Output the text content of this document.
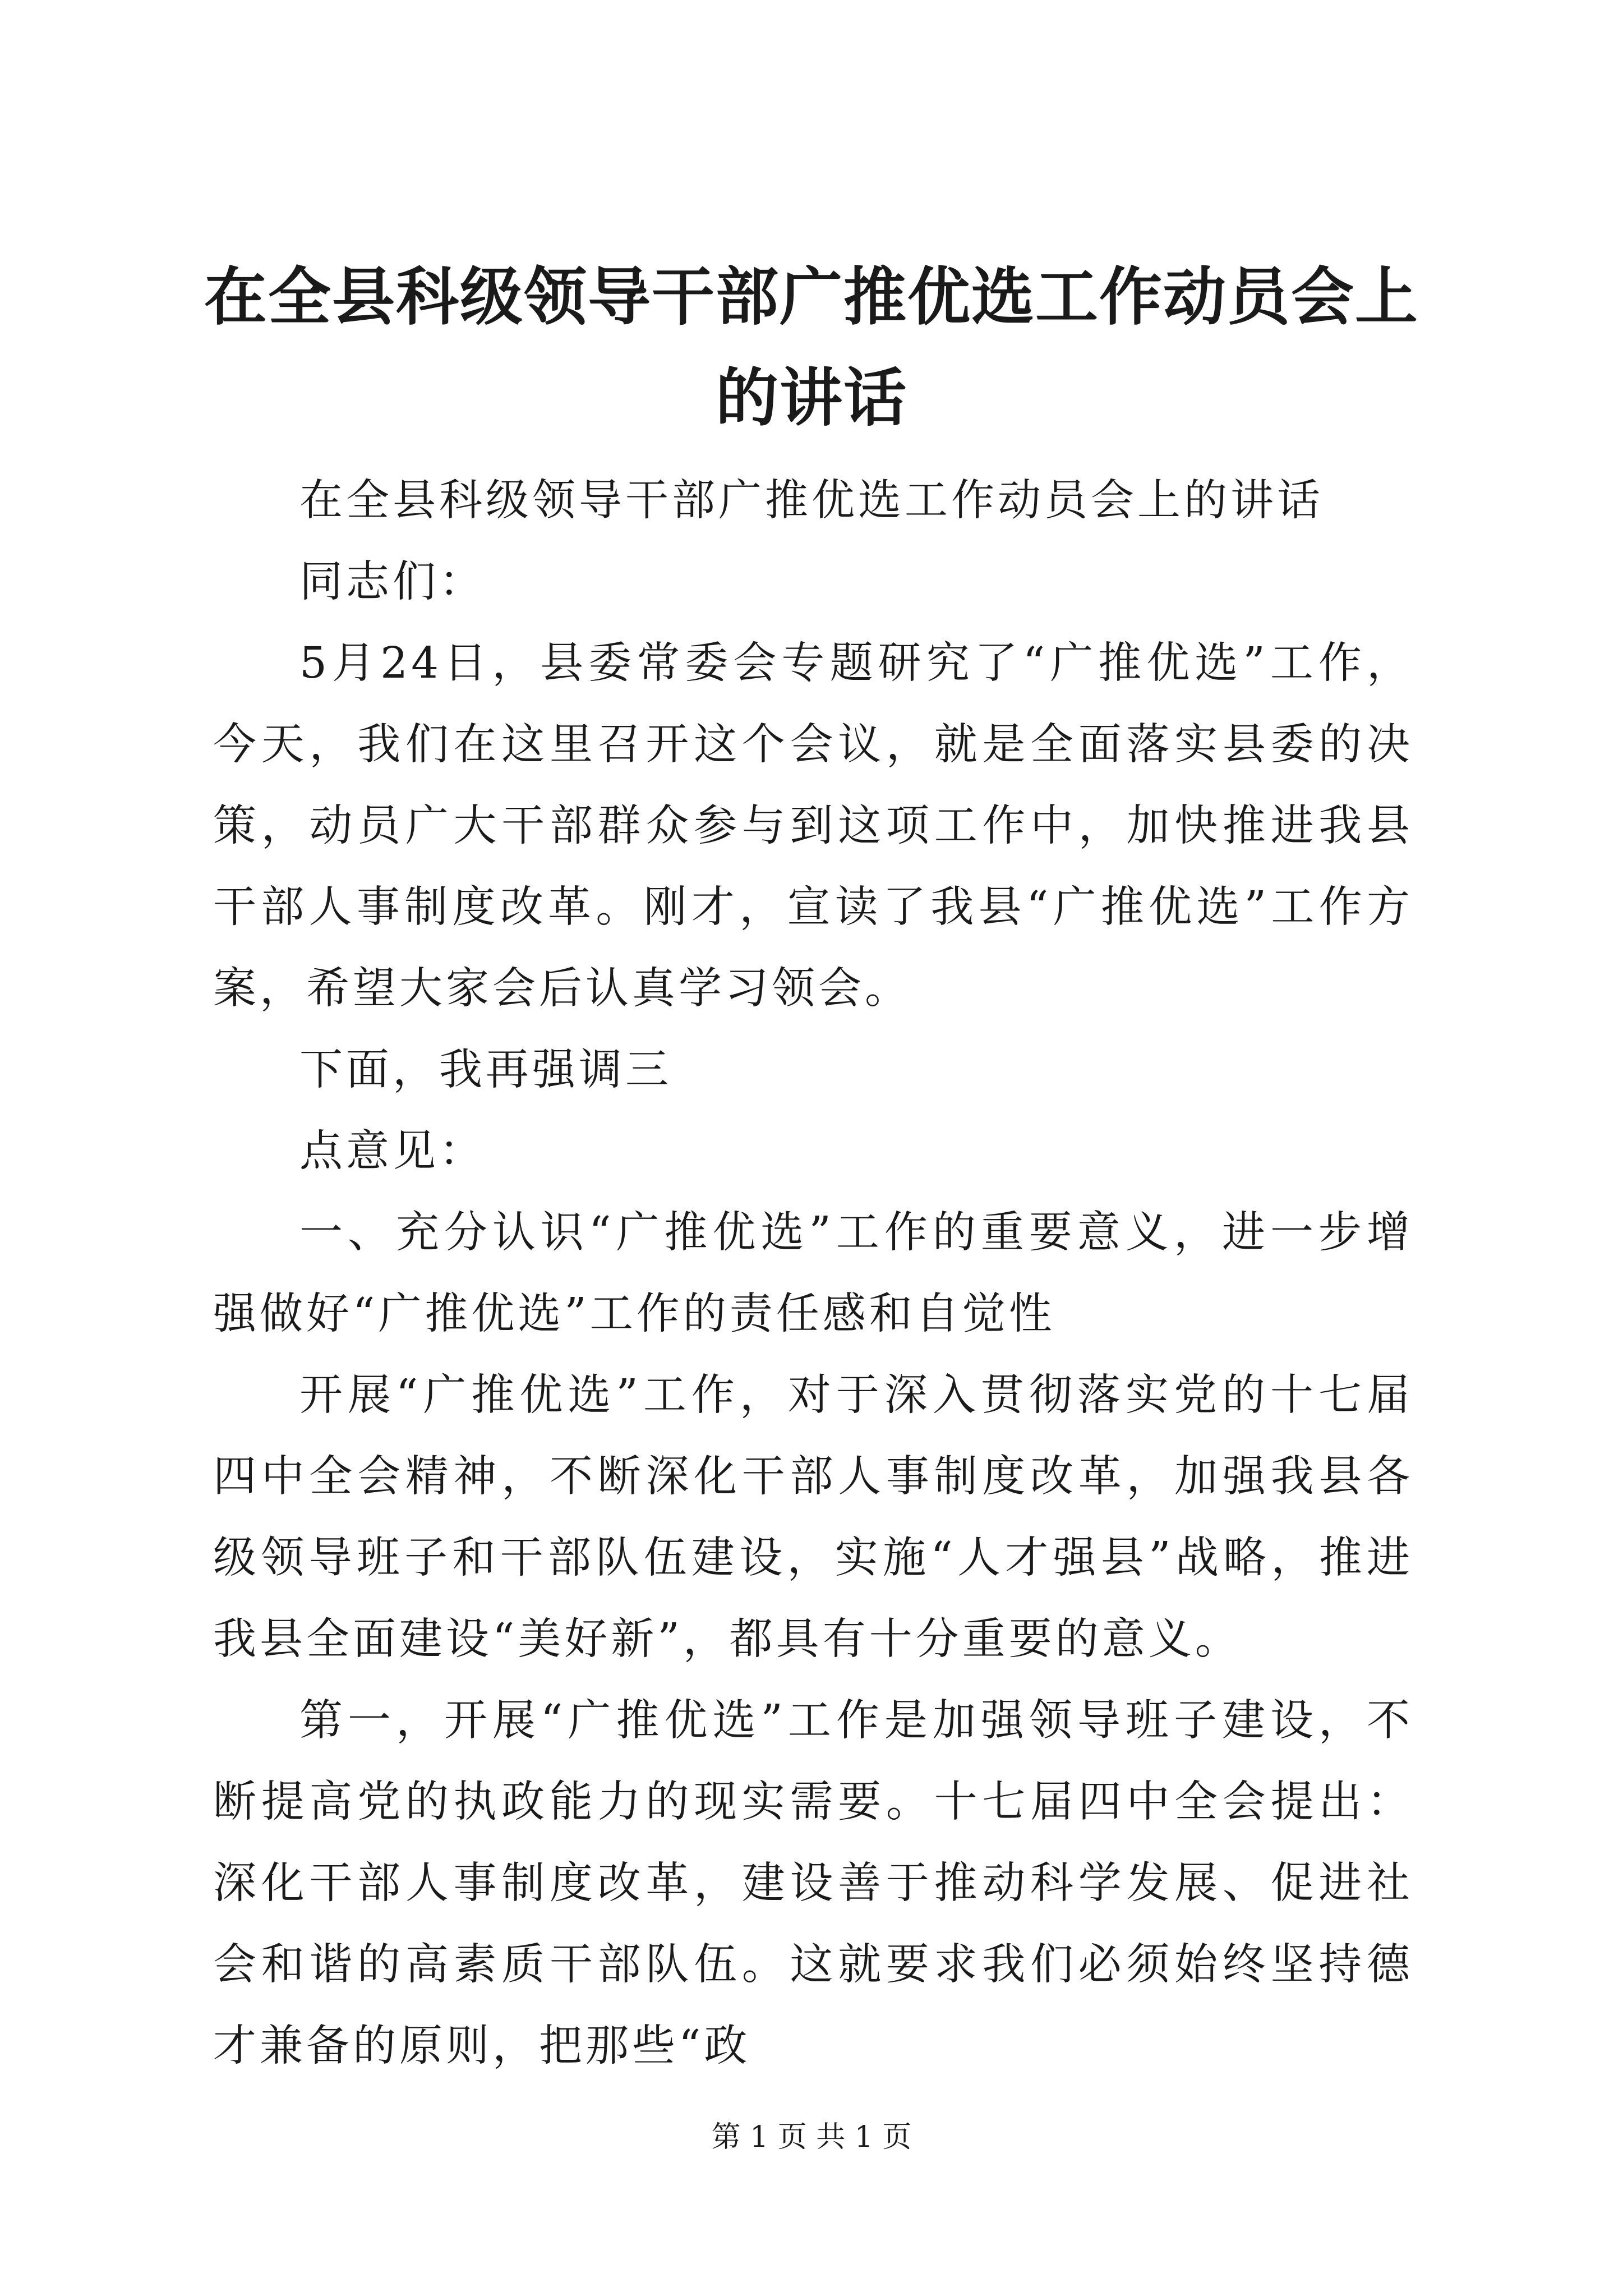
在全县科级领导干部广推优选工作动员会上的讲话

在全县科级领导干部广推优选工作动员会上的讲话

同志们：

5月24日，县委常委会专题研究了“广推优选”工作，今天，我们在这里召开这个会议，就是全面落实县委的决策，动员广大干部群众参与到这项工作中，加快推进我县干部人事制度改革。刚才，宣读了我县“广推优选”工作方案，希望大家会后认真学习领会。

下面，我再强调三

点意见：

一、充分认识“广推优选”工作的重要意义，进一步增强做好“广推优选”工作的责任感和自觉性

开展“广推优选”工作，对于深入贯彻落实党的十七届四中全会精神，不断深化干部人事制度改革，加强我县各级领导班子和干部队伍建设，实施“人才强县”战略，推进我县全面建设“美好新”，都具有十分重要的意义。

第一，开展“广推优选”工作是加强领导班子建设，不断提高党的执政能力的现实需要。十七届四中全会提出：深化干部人事制度改革，建设善于推动科学发展、促进社会和谐的高素质干部队伍。这就要求我们必须始终坚持德才兼备的原则，把那些“政

第 1 页 共 1 页
